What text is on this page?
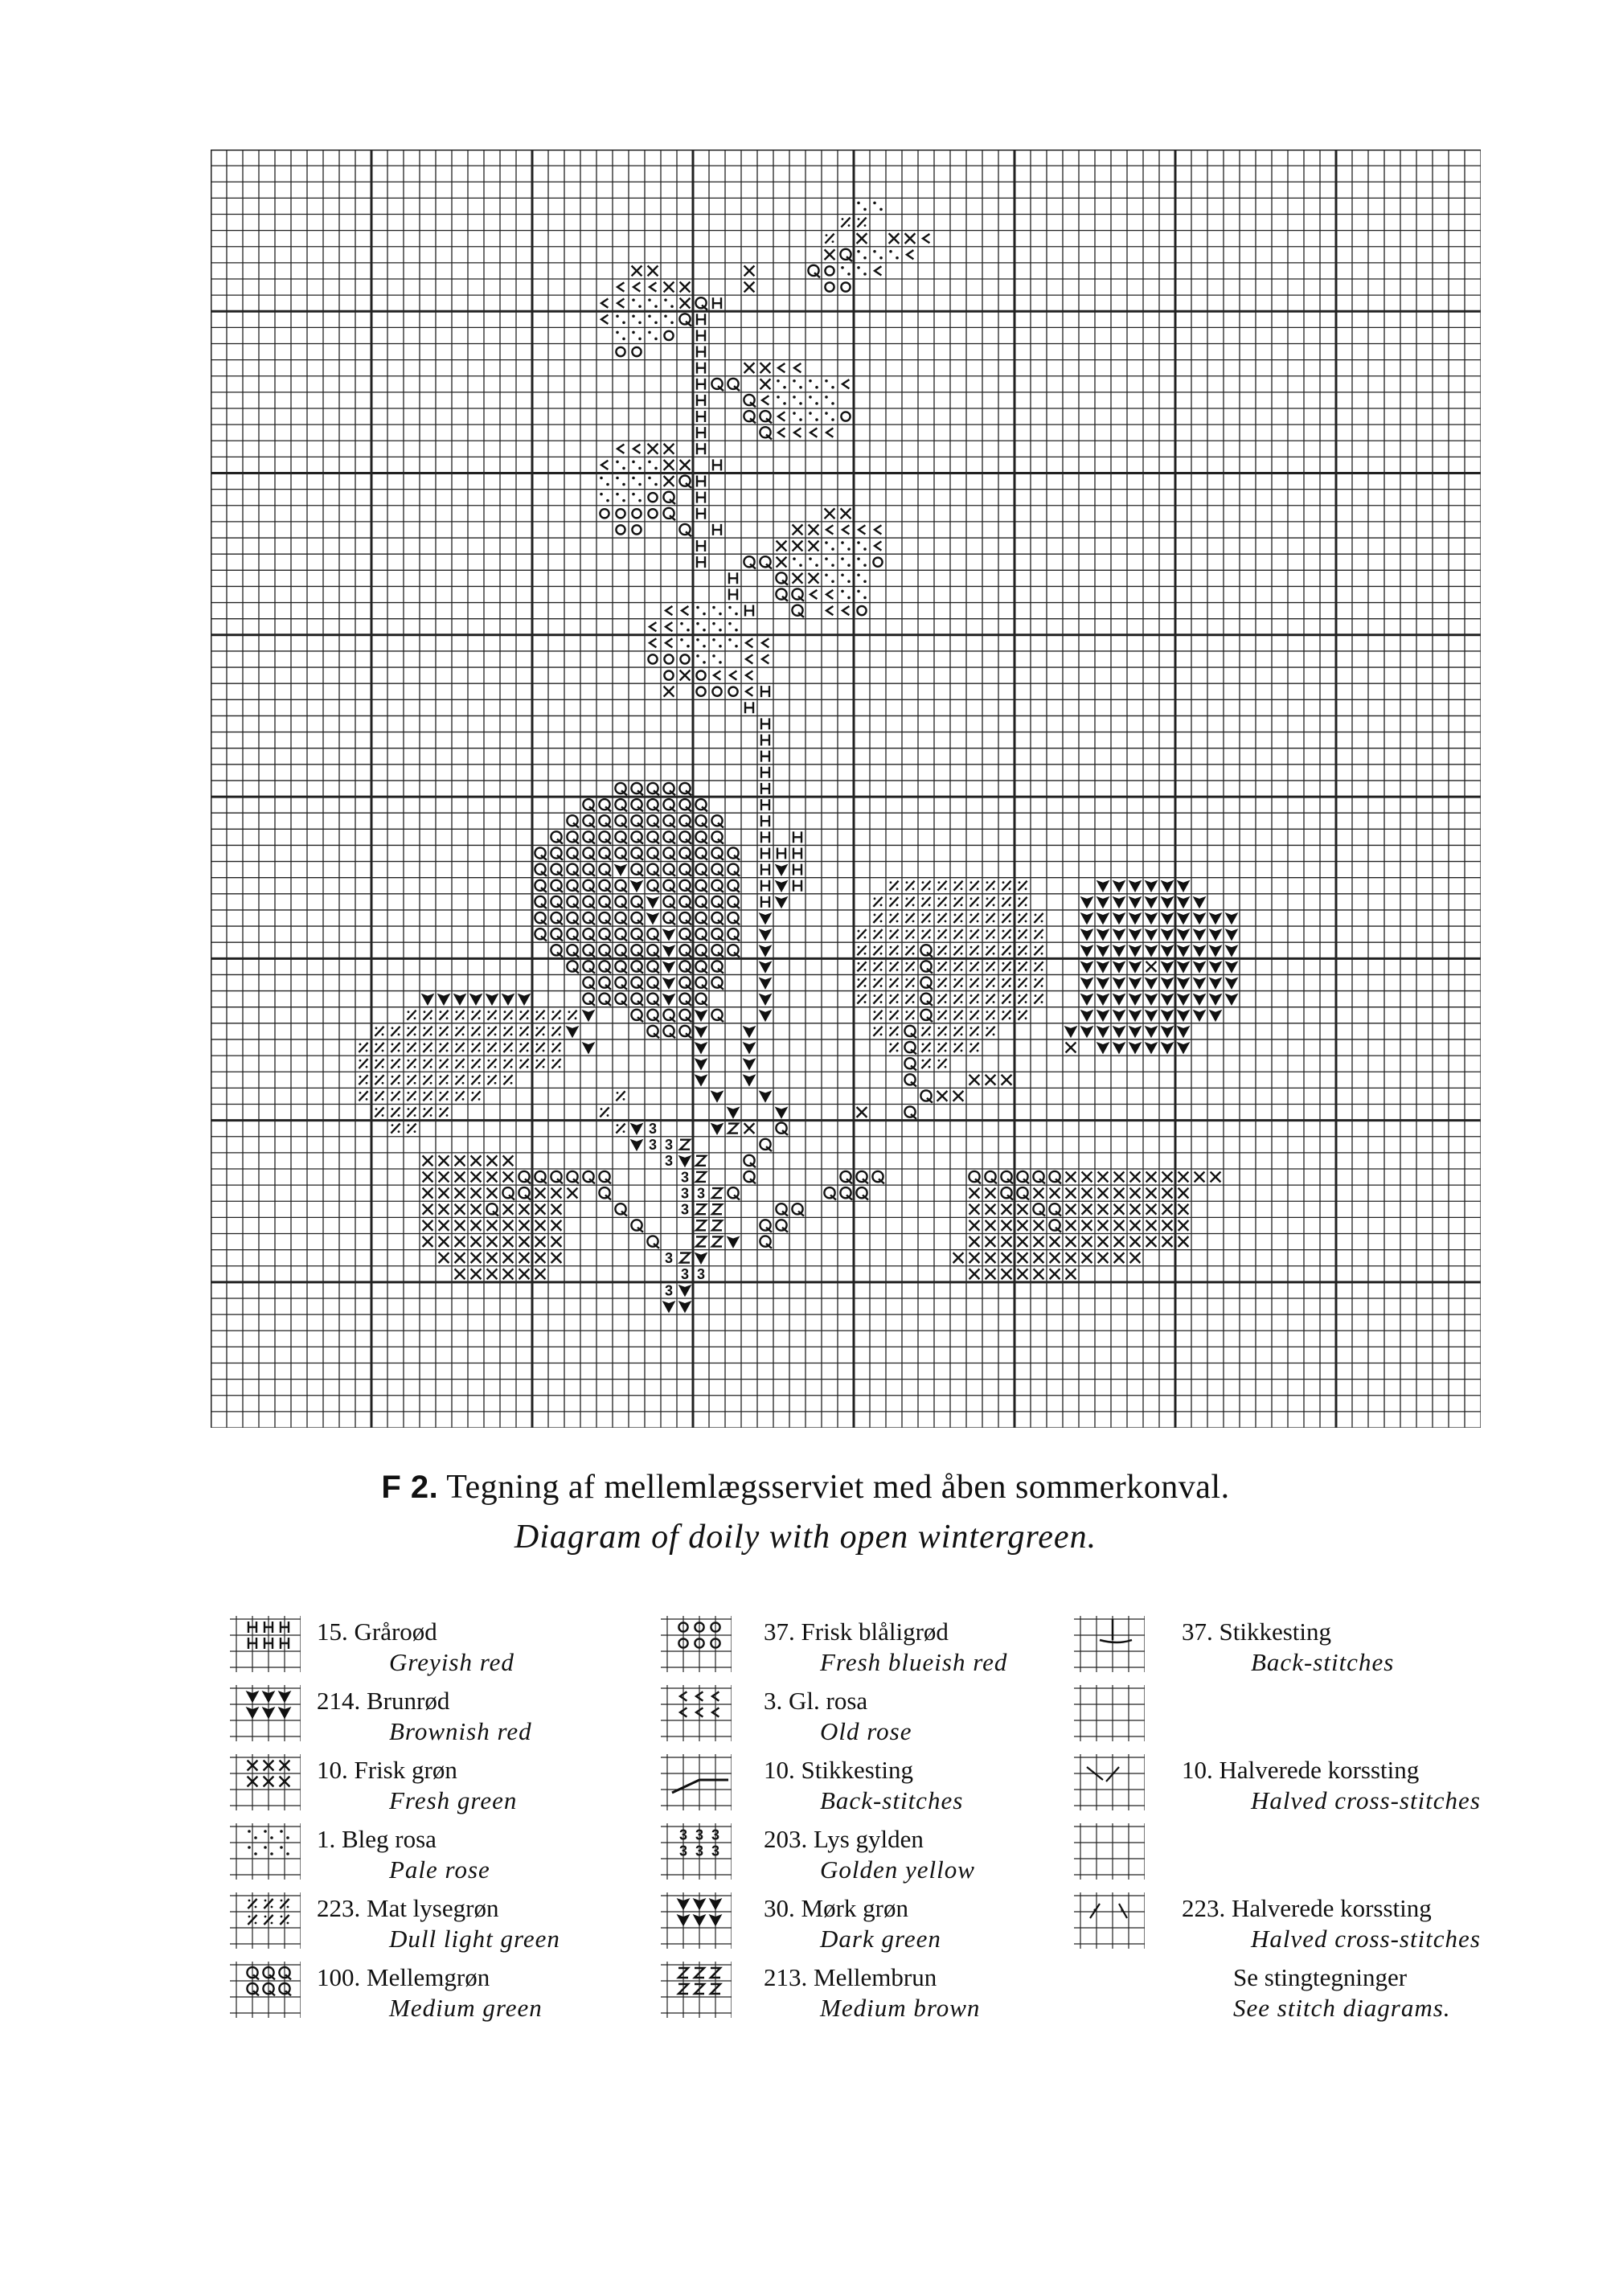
3
3 3
3
3
3 3
3
3
3 3
3
F 2. Tegning af mellemlægsserviet med åben sommerkonval.
Diagram of doily with open wintergreen.
15. Gråroød
Greyish red
214. Brunrød
Brownish red
10. Frisk grøn
Fresh green
1. Bleg rosa
Pale rose
223. Mat lysegrøn
Dull light green
100. Mellemgrøn
Medium green
37. Frisk blåligrød
Fresh blueish red
3. Gl. rosa
Old rose
10. Stikkesting
Back-stitches
3 3 3
3 3 3 203. Lys gylden
Golden yellow
30. Mørk grøn
Dark green
213. Mellembrun
Medium brown
37. Stikkesting
Back-stitches
10. Halverede korssting
Halved cross-stitches
223. Halverede korssting
Halved cross-stitches
Se stingtegninger
See stitch diagrams.
